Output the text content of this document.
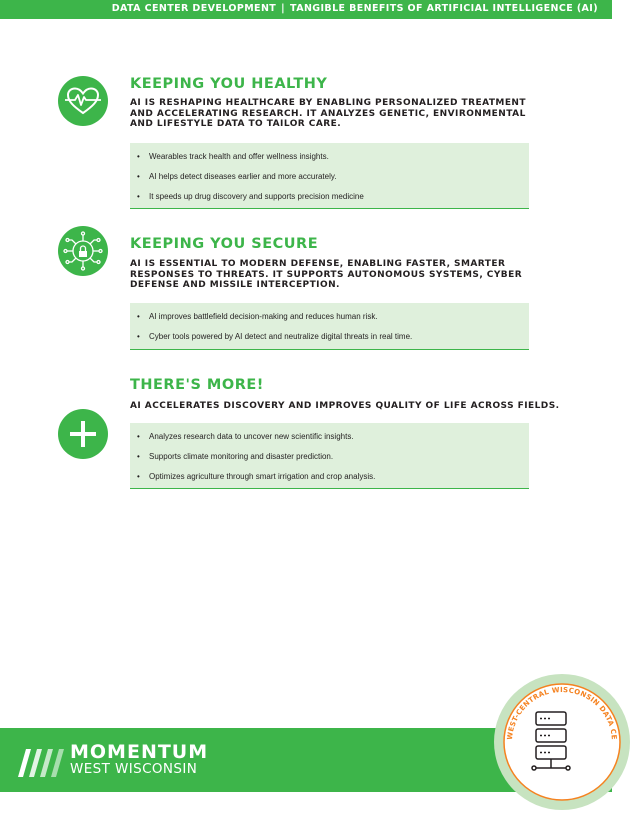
DATA CENTER DEVELOPMENT | TANGIBLE BENEFITS OF ARTIFICIAL INTELLIGENCE (AI)
KEEPING YOU HEALTHY
AI IS RESHAPING HEALTHCARE BY ENABLING PERSONALIZED TREATMENT AND ACCELERATING RESEARCH. IT ANALYZES GENETIC, ENVIRONMENTAL AND LIFESTYLE DATA TO TAILOR CARE.
• Wearables track health and offer wellness insights.
• AI helps detect diseases earlier and more accurately.
• It speeds up drug discovery and supports precision medicine
KEEPING YOU SECURE
AI IS ESSENTIAL TO MODERN DEFENSE, ENABLING FASTER, SMARTER RESPONSES TO THREATS. IT SUPPORTS AUTONOMOUS SYSTEMS, CYBER DEFENSE AND MISSILE INTERCEPTION.
• AI improves battlefield decision-making and reduces human risk.
• Cyber tools powered by AI detect and neutralize digital threats in real time.
THERE'S MORE!
AI ACCELERATES DISCOVERY AND IMPROVES QUALITY OF LIFE ACROSS FIELDS.
• Analyzes research data to uncover new scientific insights.
• Supports climate monitoring and disaster prediction.
• Optimizes agriculture through smart irrigation and crop analysis.
MOMENTUM
WEST WISCONSIN
WEST-CENTRAL WISCONSIN DATA CE
